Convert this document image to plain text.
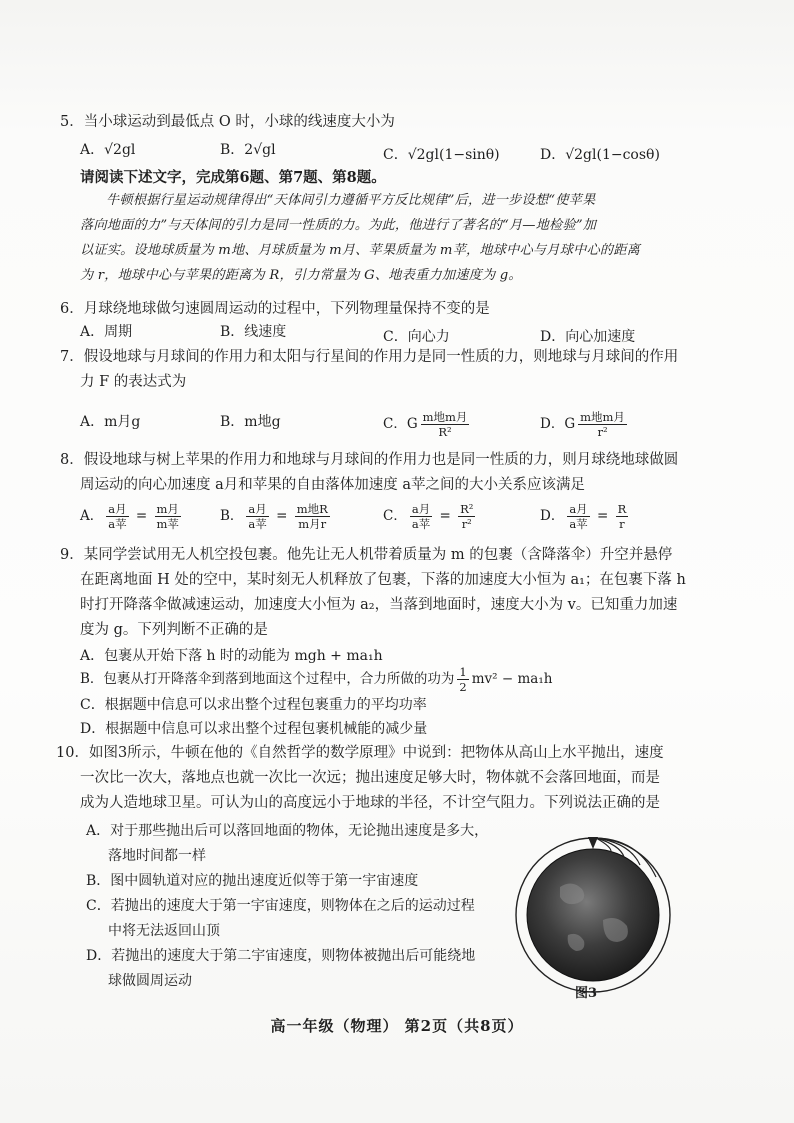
5．当小球运动到最低点 O 时，小球的线速度大小为
A．√2gl	B．2√gl	C．√2gl(1−sinθ)	D．√2gl(1−cosθ)
请阅读下述文字，完成第6题、第7题、第8题。
牛顿根据行星运动规律得出“天体间引力遵循平方反比规律”后，进一步设想“使苹果
落向地面的力”与天体间的引力是同一性质的力。为此，他进行了著名的“月—地检验”加
以证实。设地球质量为 m地、月球质量为 m月、苹果质量为 m苹，地球中心与月球中心的距离
为 r，地球中心与苹果的距离为 R，引力常量为 G、地表重力加速度为 g。
6．月球绕地球做匀速圆周运动的过程中，下列物理量保持不变的是
A．周期	B．线速度	C．向心力	D．向心加速度
7．假设地球与月球间的作用力和太阳与行星间的作用力是同一性质的力，则地球与月球间的作用
力 F 的表达式为
A．m月g	B．m地g	C．G $\frac{\text{m地m月}}{\text{R²}}$	D．G $\frac{\text{m地m月}}{\text{r²}}$
8．假设地球与树上苹果的作用力和地球与月球间的作用力也是同一性质的力，则月球绕地球做圆
周运动的向心加速度 a月和苹果的自由落体加速度 a苹之间的大小关系应该满足
A． $\frac{\text{a月}}{\text{a苹}} = \frac{\text{m月}}{\text{m苹}}$	B． $\frac{\text{a月}}{\text{a苹}} = \frac{\text{m地R}}{\text{m月r}}$	C． $\frac{\text{a月}}{\text{a苹}} = \frac{\text{R²}}{\text{r²}}$	D． $\frac{\text{a月}}{\text{a苹}} = \frac{R}{r}$
9．某同学尝试用无人机空投包裹。他先让无人机带着质量为 m 的包裹（含降落伞）升空并悬停
在距离地面 H 处的空中，某时刻无人机释放了包裹，下落的加速度大小恒为 a₁；在包裹下落 h
时打开降落伞做减速运动，加速度大小恒为 a₂，当落到地面时，速度大小为 v。已知重力加速
度为 g。下列判断不正确的是
A．包裹从开始下落 h 时的动能为 mgh + ma₁h
B．包裹从打开降落伞到落到地面这个过程中，合力所做的功为 $\frac{1}{2} mv^2 - ma_1h$
C．根据题中信息可以求出整个过程包裹重力的平均功率
D．根据题中信息可以求出整个过程包裹机械能的减少量
10．如图3所示，牛顿在他的《自然哲学的数学原理》中说到：把物体从高山上水平抛出，速度
一次比一次大，落地点也就一次比一次远；抛出速度足够大时，物体就不会落回地面，而是
成为人造地球卫星。可认为山的高度远小于地球的半径，不计空气阻力。下列说法正确的是
A．对于那些抛出后可以落回地面的物体，无论抛出速度是多大，
落地时间都一样
B．图中圆轨道对应的抛出速度近似等于第一宇宙速度
C．若抛出的速度大于第一宇宙速度，则物体在之后的运动过程
中将无法返回山顶
D．若抛出的速度大于第二宇宙速度，则物体被抛出后可能绕地
球做圆周运动
图3
高一年级（物理） 第2页（共8页）
